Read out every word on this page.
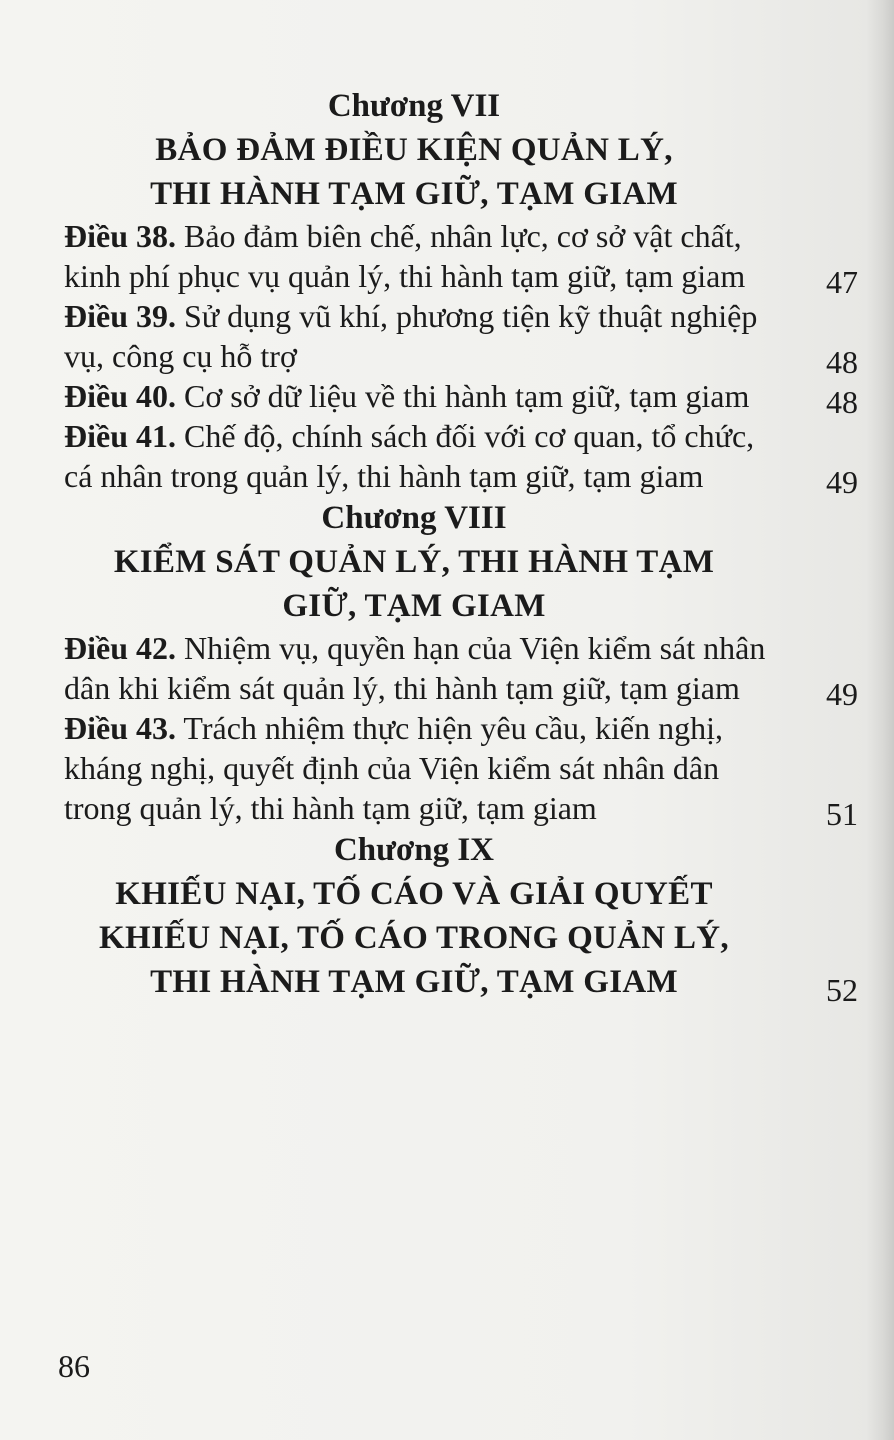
Chương VII
BẢO ĐẢM ĐIỀU KIỆN QUẢN LÝ,
THI HÀNH TẠM GIỮ, TẠM GIAM
Điều 38. Bảo đảm biên chế, nhân lực, cơ sở vật chất, kinh phí phục vụ quản lý, thi hành tạm giữ, tạm giam	47
Điều 39. Sử dụng vũ khí, phương tiện kỹ thuật nghiệp vụ, công cụ hỗ trợ	48
Điều 40. Cơ sở dữ liệu về thi hành tạm giữ, tạm giam	48
Điều 41. Chế độ, chính sách đối với cơ quan, tổ chức, cá nhân trong quản lý, thi hành tạm giữ, tạm giam	49
Chương VIII
KIỂM SÁT QUẢN LÝ, THI HÀNH TẠM
GIỮ, TẠM GIAM
Điều 42. Nhiệm vụ, quyền hạn của Viện kiểm sát nhân dân khi kiểm sát quản lý, thi hành tạm giữ, tạm giam	49
Điều 43. Trách nhiệm thực hiện yêu cầu, kiến nghị, kháng nghị, quyết định của Viện kiểm sát nhân dân trong quản lý, thi hành tạm giữ, tạm giam	51
Chương IX
KHIẾU NẠI, TỐ CÁO VÀ GIẢI QUYẾT
KHIẾU NẠI, TỐ CÁO TRONG QUẢN LÝ,
THI HÀNH TẠM GIỮ, TẠM GIAM	52
86
